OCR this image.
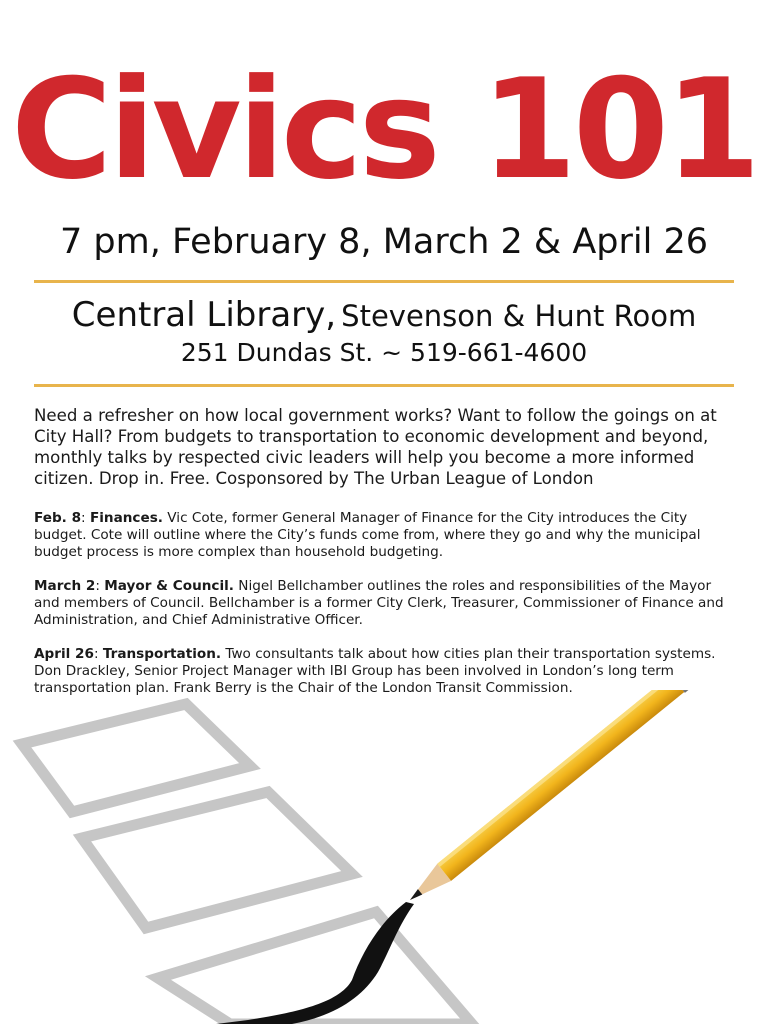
Civics 101
7 pm, February 8, March 2 & April 26
Central Library, Stevenson & Hunt Room
251 Dundas St. ~ 519-661-4600
Need a refresher on how local government works? Want to follow the goings on at City Hall? From budgets to transportation to economic development and beyond, monthly talks by respected civic leaders will help you become a more informed citizen. Drop in. Free. Cosponsored by The Urban League of London

Feb. 8: Finances. Vic Cote, former General Manager of Finance for the City introduces the City budget. Cote will outline where the City’s funds come from, where they go and why the municipal budget process is more complex than household budgeting.

March 2: Mayor & Council. Nigel Bellchamber outlines the roles and responsibilities of the Mayor and members of Council. Bellchamber is a former City Clerk, Treasurer, Commissioner of Finance and Administration, and Chief Administrative Officer.

April 26: Transportation. Two consultants talk about how cities plan their transportation systems. Don Drackley, Senior Project Manager with IBI Group has been involved in London’s long term transportation plan. Frank Berry is the Chair of the London Transit Commission.
